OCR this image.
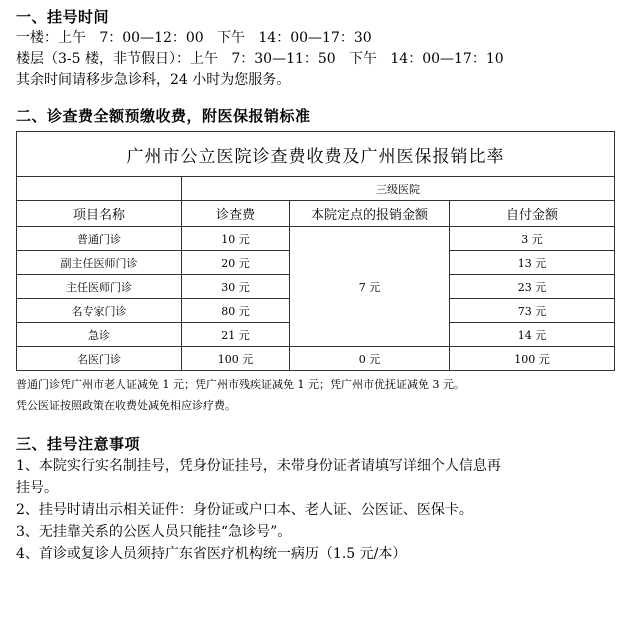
一、挂号时间
一楼：上午   7：00—12：00   下午   14：00—17：30
楼层（3-5 楼，非节假日）：上午   7：30—11：50   下午   14：00—17：10
其余时间请移步急诊科，24 小时为您服务。
二、诊查费全额预缴收费，附医保报销标准
广州市公立医院诊查费收费及广州医保报销比率			
	三级医院		
项目名称	诊查费	本院定点的报销金额	自付金额
普通门诊	10 元	7 元	3 元
副主任医师门诊	20 元		13 元
主任医师门诊	30 元		23 元
名专家门诊	80 元		73 元
急诊	21 元		14 元
名医门诊	100 元	0 元	100 元
普通门诊凭广州市老人证减免 1 元；凭广州市残疾证减免 1 元；凭广州市优抚证减免 3 元。
凭公医证按照政策在收费处减免相应诊疗费。
三、挂号注意事项
1、本院实行实名制挂号，凭身份证挂号，未带身份证者请填写详细个人信息再
挂号。
2、挂号时请出示相关证件：身份证或户口本、老人证、公医证、医保卡。
3、无挂靠关系的公医人员只能挂“急诊号”。
4、首诊或复诊人员须持广东省医疗机构统一病历（1.5 元/本）
